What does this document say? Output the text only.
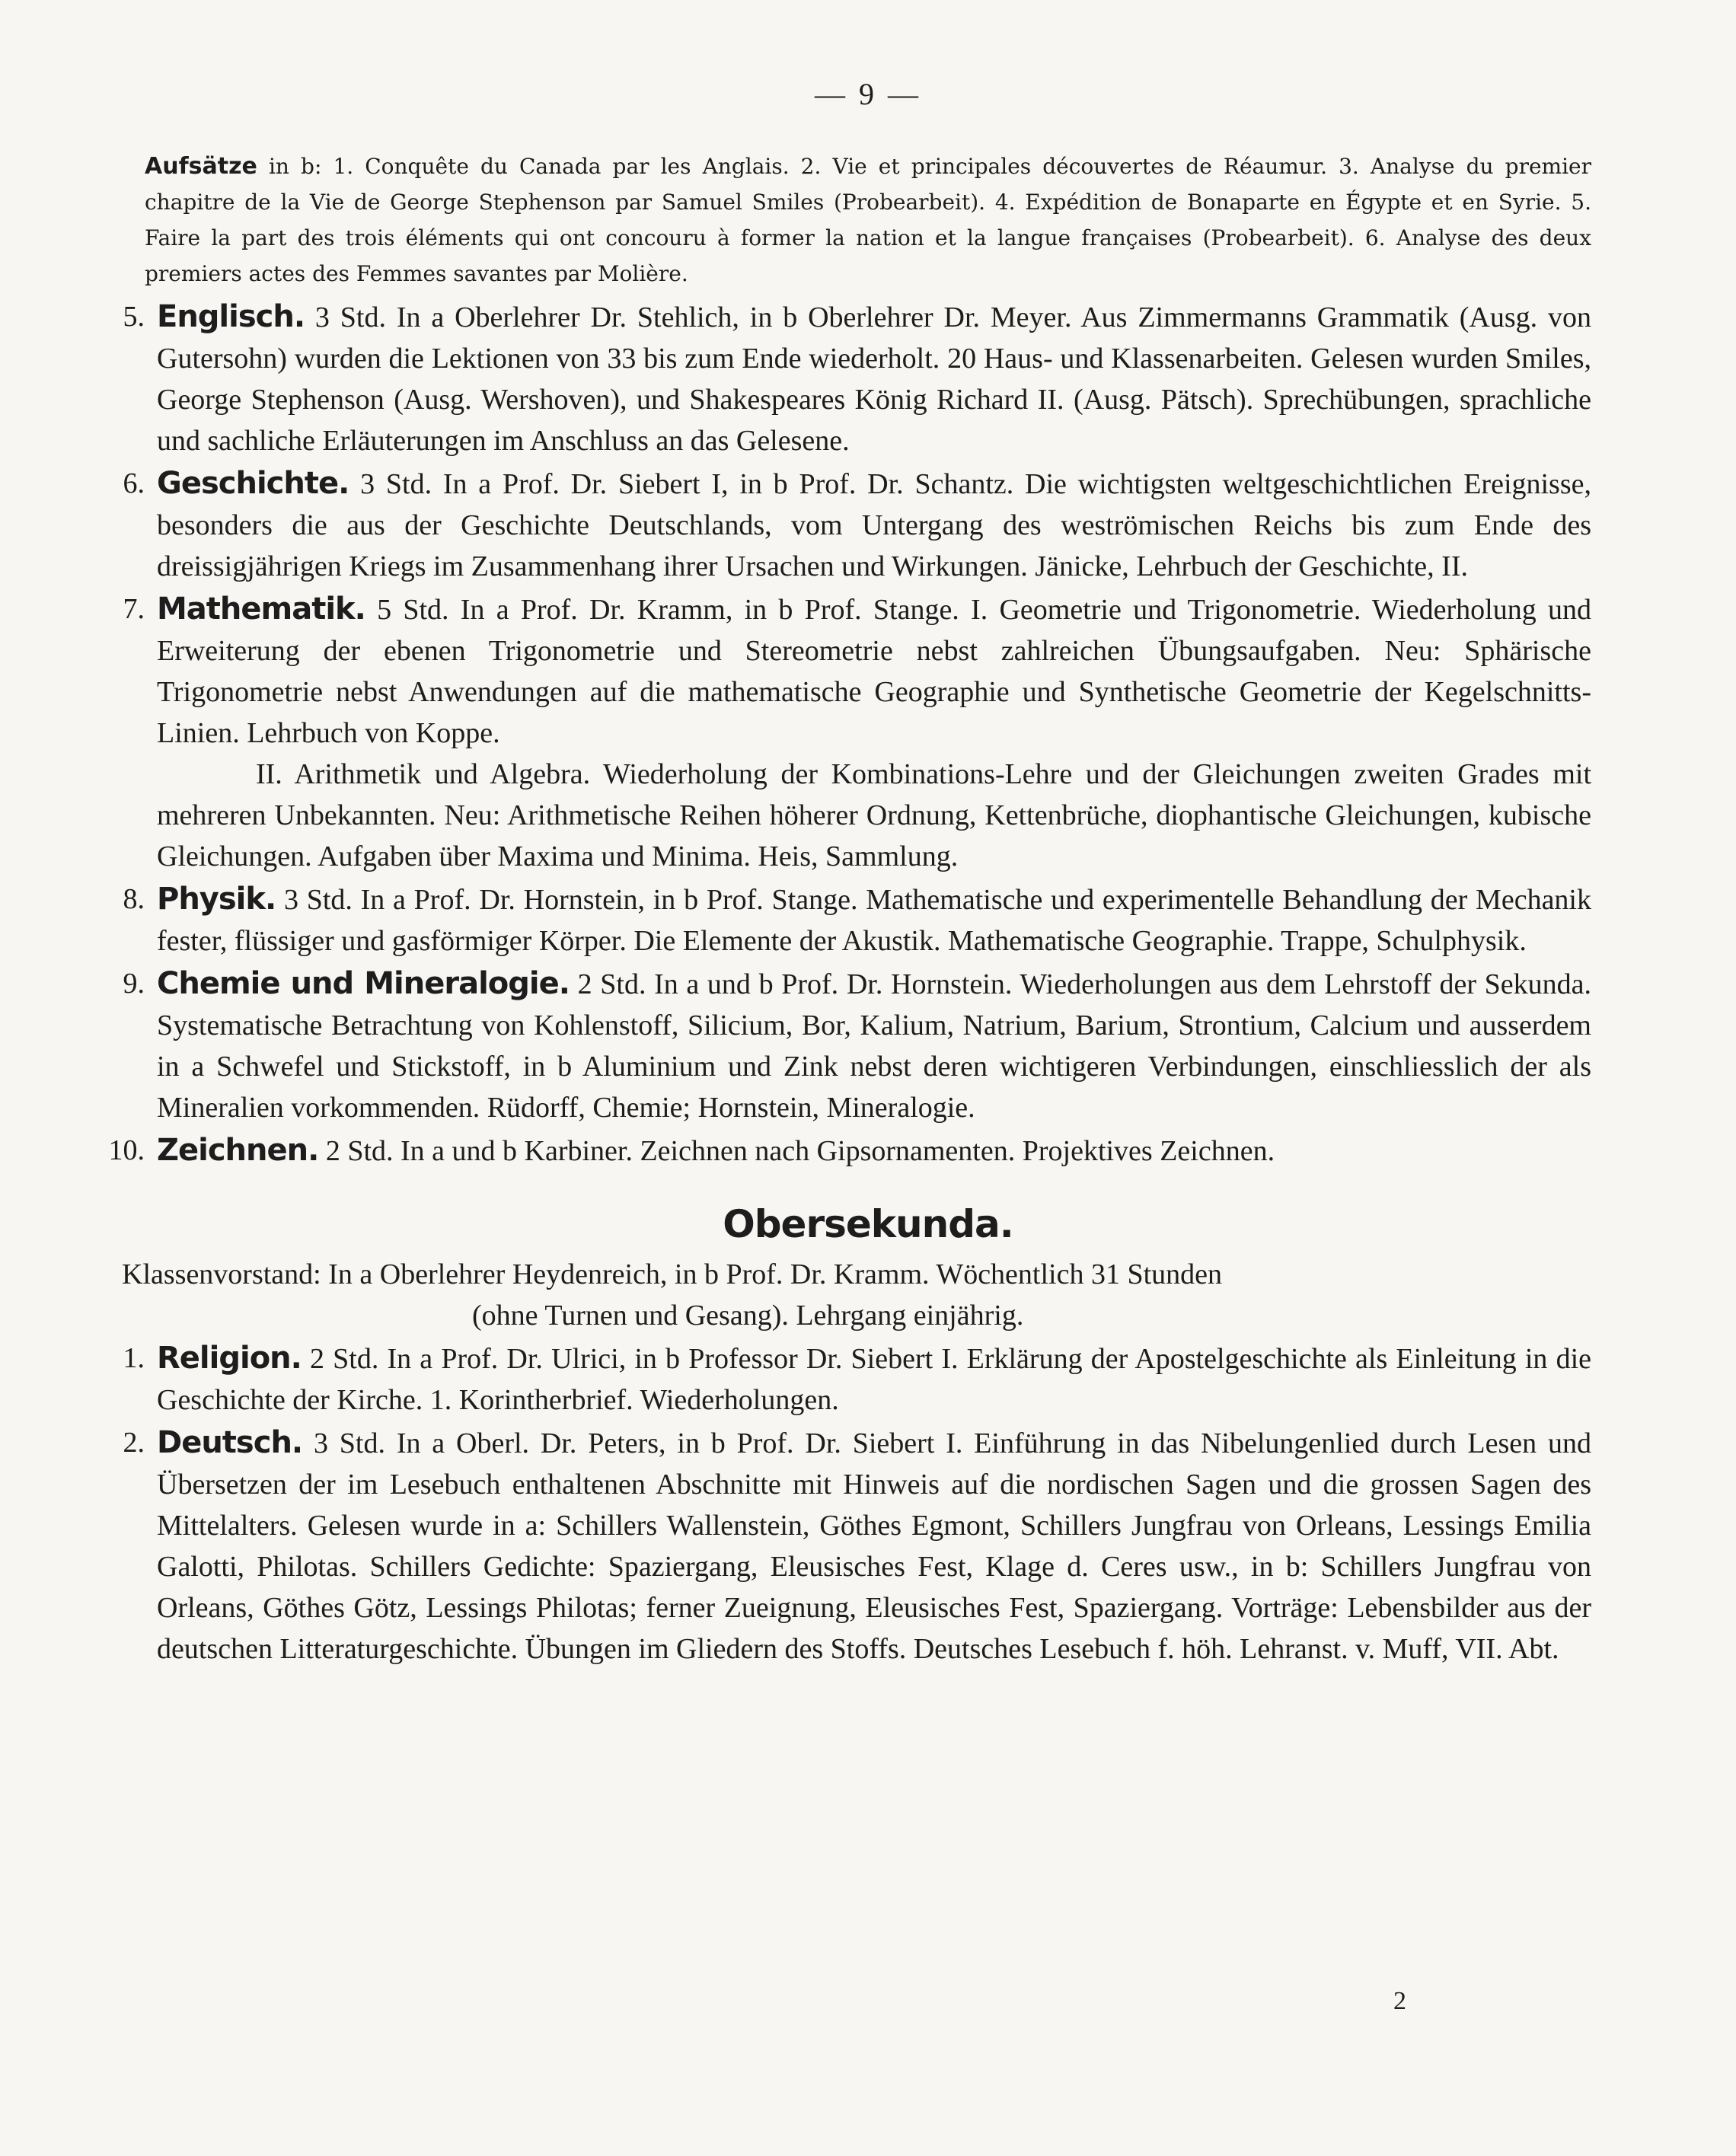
— 9 —

Aufsätze in b: 1. Conquête du Canada par les Anglais. 2. Vie et principales découvertes de Réaumur. 3. Analyse du premier chapitre de la Vie de George Stephenson par Samuel Smiles (Probearbeit). 4. Expédition de Bonaparte en Égypte et en Syrie. 5. Faire la part des trois éléments qui ont concouru à former la nation et la langue françaises (Probearbeit). 6. Analyse des deux premiers actes des Femmes savantes par Molière.

5. Englisch. 3 Std. In a Oberlehrer Dr. Stehlich, in b Oberlehrer Dr. Meyer. Aus Zimmermanns Grammatik (Ausg. von Gutersohn) wurden die Lektionen von 33 bis zum Ende wiederholt. 20 Haus- und Klassenarbeiten. Gelesen wurden Smiles, George Stephenson (Ausg. Wershoven), und Shakespeares König Richard II. (Ausg. Pätsch). Sprechübungen, sprachliche und sachliche Erläuterungen im Anschluss an das Gelesene.
6. Geschichte. 3 Std. In a Prof. Dr. Siebert I, in b Prof. Dr. Schantz. Die wichtigsten weltgeschichtlichen Ereignisse, besonders die aus der Geschichte Deutschlands, vom Untergang des weströmischen Reichs bis zum Ende des dreissigjährigen Kriegs im Zusammenhang ihrer Ursachen und Wirkungen. Jänicke, Lehrbuch der Geschichte, II.
7. Mathematik. 5 Std. In a Prof. Dr. Kramm, in b Prof. Stange. I. Geometrie und Trigonometrie. Wiederholung und Erweiterung der ebenen Trigonometrie und Stereometrie nebst zahlreichen Übungsaufgaben. Neu: Sphärische Trigonometrie nebst Anwendungen auf die mathematische Geographie und Synthetische Geometrie der Kegelschnitts-Linien. Lehrbuch von Koppe.
II. Arithmetik und Algebra. Wiederholung der Kombinations-Lehre und der Gleichungen zweiten Grades mit mehreren Unbekannten. Neu: Arithmetische Reihen höherer Ordnung, Kettenbrüche, diophantische Gleichungen, kubische Gleichungen. Aufgaben über Maxima und Minima. Heis, Sammlung.
8. Physik. 3 Std. In a Prof. Dr. Hornstein, in b Prof. Stange. Mathematische und experimentelle Behandlung der Mechanik fester, flüssiger und gasförmiger Körper. Die Elemente der Akustik. Mathematische Geographie. Trappe, Schulphysik.
9. Chemie und Mineralogie. 2 Std. In a und b Prof. Dr. Hornstein. Wiederholungen aus dem Lehrstoff der Sekunda. Systematische Betrachtung von Kohlenstoff, Silicium, Bor, Kalium, Natrium, Barium, Strontium, Calcium und ausserdem in a Schwefel und Stickstoff, in b Aluminium und Zink nebst deren wichtigeren Verbindungen, einschliesslich der als Mineralien vorkommenden. Rüdorff, Chemie; Hornstein, Mineralogie.
10. Zeichnen. 2 Std. In a und b Karbiner. Zeichnen nach Gipsornamenten. Projektives Zeichnen.
Obersekunda.
Klassenvorstand: In a Oberlehrer Heydenreich, in b Prof. Dr. Kramm. Wöchentlich 31 Stunden
(ohne Turnen und Gesang). Lehrgang einjährig.
1. Religion. 2 Std. In a Prof. Dr. Ulrici, in b Professor Dr. Siebert I. Erklärung der Apostelgeschichte als Einleitung in die Geschichte der Kirche. 1. Korintherbrief. Wiederholungen.
2. Deutsch. 3 Std. In a Oberl. Dr. Peters, in b Prof. Dr. Siebert I. Einführung in das Nibelungenlied durch Lesen und Übersetzen der im Lesebuch enthaltenen Abschnitte mit Hinweis auf die nordischen Sagen und die grossen Sagen des Mittelalters. Gelesen wurde in a: Schillers Wallenstein, Göthes Egmont, Schillers Jungfrau von Orleans, Lessings Emilia Galotti, Philotas. Schillers Gedichte: Spaziergang, Eleusisches Fest, Klage d. Ceres usw., in b: Schillers Jungfrau von Orleans, Göthes Götz, Lessings Philotas; ferner Zueignung, Eleusisches Fest, Spaziergang. Vorträge: Lebensbilder aus der deutschen Litteraturgeschichte. Übungen im Gliedern des Stoffs. Deutsches Lesebuch f. höh. Lehranst. v. Muff, VII. Abt.
2
